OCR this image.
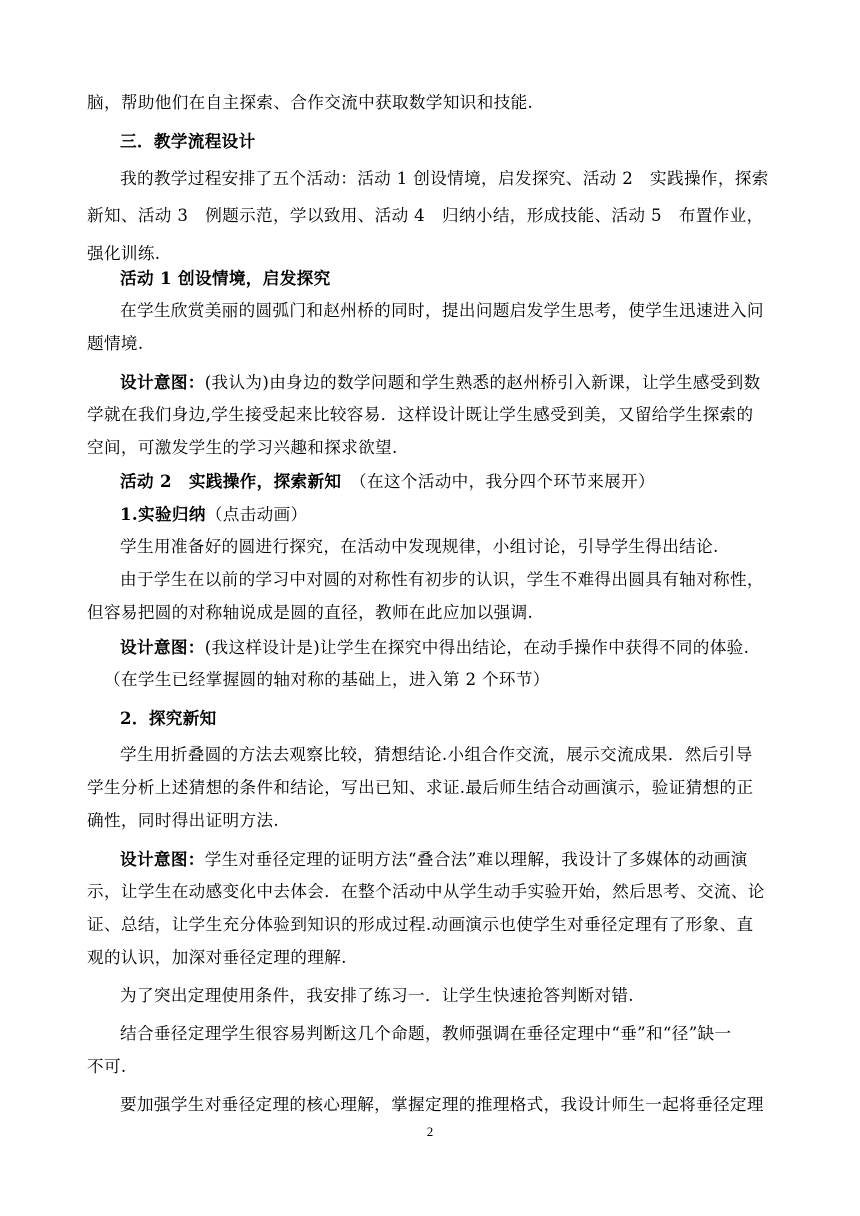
脑，帮助他们在自主探索、合作交流中获取数学知识和技能.
三．教学流程设计
我的教学过程安排了五个活动：活动 1 创设情境，启发探究、活动 2　实践操作，探索
新知、活动 3　例题示范，学以致用、活动 4　归纳小结，形成技能、活动 5　布置作业，
强化训练.
活动 1 创设情境，启发探究
在学生欣赏美丽的圆弧门和赵州桥的同时，提出问题启发学生思考，使学生迅速进入问
题情境.
设计意图：(我认为)由身边的数学问题和学生熟悉的赵州桥引入新课，让学生感受到数
学就在我们身边,学生接受起来比较容易．这样设计既让学生感受到美，又留给学生探索的
空间，可激发学生的学习兴趣和探求欲望.
活动 2　实践操作，探索新知　（在这个活动中，我分四个环节来展开）
1.实验归纳（点击动画）
学生用准备好的圆进行探究，在活动中发现规律，小组讨论，引导学生得出结论.
由于学生在以前的学习中对圆的对称性有初步的认识，学生不难得出圆具有轴对称性，
但容易把圆的对称轴说成是圆的直径，教师在此应加以强调.
设计意图：(我这样设计是)让学生在探究中得出结论，在动手操作中获得不同的体验.
（在学生已经掌握圆的轴对称的基础上，进入第 2 个环节）
2．探究新知
学生用折叠圆的方法去观察比较，猜想结论.小组合作交流，展示交流成果．然后引导
学生分析上述猜想的条件和结论，写出已知、求证.最后师生结合动画演示，验证猜想的正
确性，同时得出证明方法.
设计意图：学生对垂径定理的证明方法“叠合法”难以理解，我设计了多媒体的动画演
示，让学生在动感变化中去体会．在整个活动中从学生动手实验开始，然后思考、交流、论
证、总结，让学生充分体验到知识的形成过程.动画演示也使学生对垂径定理有了形象、直
观的认识，加深对垂径定理的理解.
为了突出定理使用条件，我安排了练习一．让学生快速抢答判断对错.
结合垂径定理学生很容易判断这几个命题，教师强调在垂径定理中“垂”和“径”缺一
不可.
要加强学生对垂径定理的核心理解，掌握定理的推理格式，我设计师生一起将垂径定理
2
